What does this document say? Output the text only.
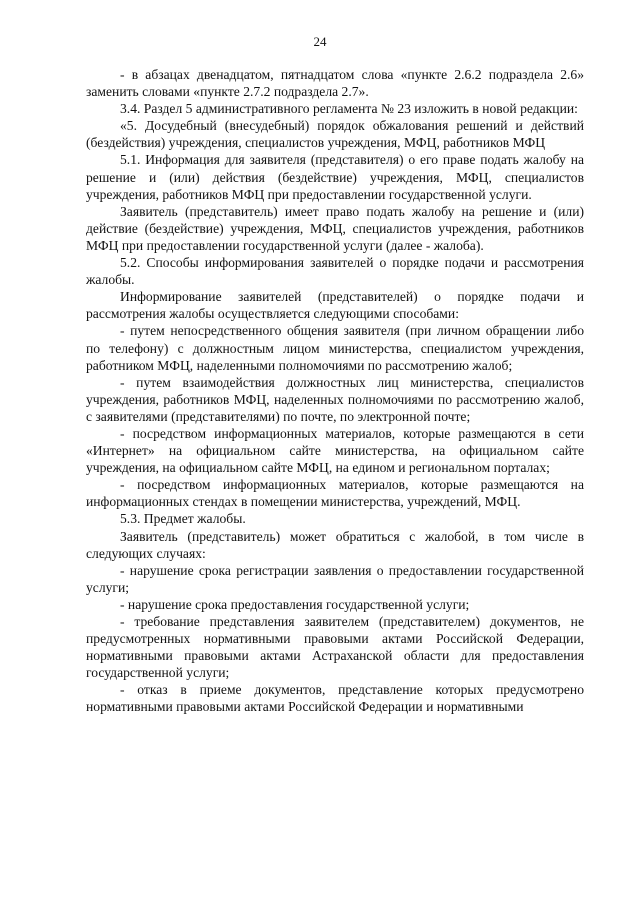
24

- в абзацах двенадцатом, пятнадцатом слова «пункте 2.6.2 подраздела 2.6» заменить словами «пункте 2.7.2 подраздела 2.7».

3.4. Раздел 5 административного регламента № 23 изложить в новой редакции:

«5. Досудебный (внесудебный) порядок обжалования решений и действий (бездействия) учреждения, специалистов учреждения, МФЦ, работников МФЦ

5.1. Информация для заявителя (представителя) о его праве подать жалобу на решение и (или) действия (бездействие) учреждения, МФЦ, специалистов учреждения, работников МФЦ при предоставлении государственной услуги.

Заявитель (представитель) имеет право подать жалобу на решение и (или) действие (бездействие) учреждения, МФЦ, специалистов учреждения, работников МФЦ при предоставлении государственной услуги (далее - жалоба).

5.2. Способы информирования заявителей о порядке подачи и рассмотрения жалобы.

Информирование заявителей (представителей) о порядке подачи и рассмотрения жалобы осуществляется следующими способами:

- путем непосредственного общения заявителя (при личном обращении либо по телефону) с должностным лицом министерства, специалистом учреждения, работником МФЦ, наделенными полномочиями по рассмотрению жалоб;

- путем взаимодействия должностных лиц министерства, специалистов учреждения, работников МФЦ, наделенных полномочиями по рассмотрению жалоб, с заявителями (представителями) по почте, по электронной почте;

- посредством информационных материалов, которые размещаются в сети «Интернет» на официальном сайте министерства, на официальном сайте учреждения, на официальном сайте МФЦ, на едином и региональном порталах;

- посредством информационных материалов, которые размещаются на информационных стендах в помещении министерства, учреждений, МФЦ.

5.3. Предмет жалобы.

Заявитель (представитель) может обратиться с жалобой, в том числе в следующих случаях:

- нарушение срока регистрации заявления о предоставлении государственной услуги;

- нарушение срока предоставления государственной услуги;

- требование представления заявителем (представителем) документов, не предусмотренных нормативными правовыми актами Российской Федерации, нормативными правовыми актами Астраханской области для предоставления государственной услуги;

- отказ в приеме документов, представление которых предусмотрено нормативными правовыми актами Российской Федерации и нормативными
